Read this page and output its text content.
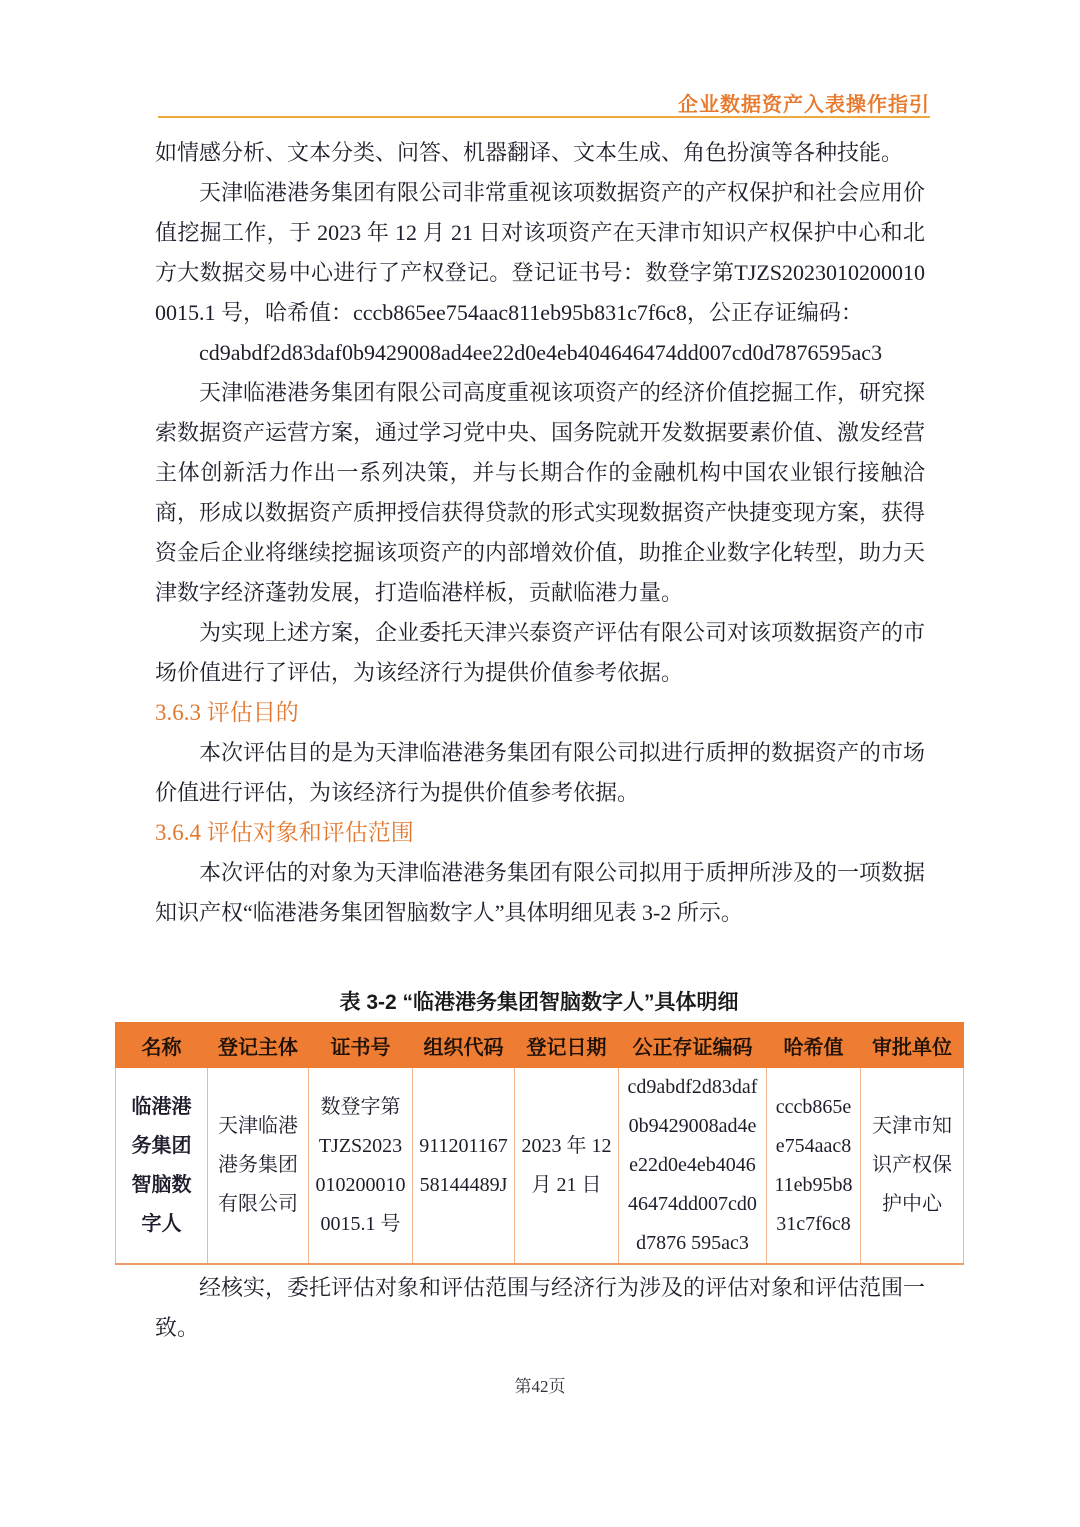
企业数据资产入表操作指引

如情感分析、文本分类、问答、机器翻译、文本生成、角色扮演等各种技能。

天津临港港务集团有限公司非常重视该项数据资产的产权保护和社会应用价值挖掘工作，于 2023 年 12 月 21 日对该项资产在天津市知识产权保护中心和北方大数据交易中心进行了产权登记。登记证书号：数登字第TJZS20230102000100015.1 号，哈希值：cccb865ee754aac811eb95b831c7f6c8，公正存证编码：

cd9abdf2d83daf0b9429008ad4ee22d0e4eb404646474dd007cd0d7876595ac3

天津临港港务集团有限公司高度重视该项资产的经济价值挖掘工作，研究探索数据资产运营方案，通过学习党中央、国务院就开发数据要素价值、激发经营主体创新活力作出一系列决策，并与长期合作的金融机构中国农业银行接触洽商，形成以数据资产质押授信获得贷款的形式实现数据资产快捷变现方案，获得资金后企业将继续挖掘该项资产的内部增效价值，助推企业数字化转型，助力天津数字经济蓬勃发展，打造临港样板，贡献临港力量。

为实现上述方案，企业委托天津兴泰资产评估有限公司对该项数据资产的市场价值进行了评估，为该经济行为提供价值参考依据。

3.6.3 评估目的

本次评估目的是为天津临港港务集团有限公司拟进行质押的数据资产的市场价值进行评估，为该经济行为提供价值参考依据。

3.6.4 评估对象和评估范围

本次评估的对象为天津临港港务集团有限公司拟用于质押所涉及的一项数据知识产权“临港港务集团智脑数字人”具体明细见表 3-2 所示。

表 3-2 “临港港务集团智脑数字人”具体明细
名称	登记主体	证书号	组织代码	登记日期	公正存证编码	哈希值	审批单位
临港港务集团智脑数字人	天津临港港务集团有限公司	数登字第TJZS20230102000100015.1 号	91120116758144489J	2023 年 12 月 21 日	cd9abdf2d83daf0b9429008ad4ee22d0e4eb404646474dd007cd0d7876 595ac3	cccb865ee754aac811eb95b831c7f6c8	天津市知识产权保护中心

经核实，委托评估对象和评估范围与经济行为涉及的评估对象和评估范围一致。

第42页
